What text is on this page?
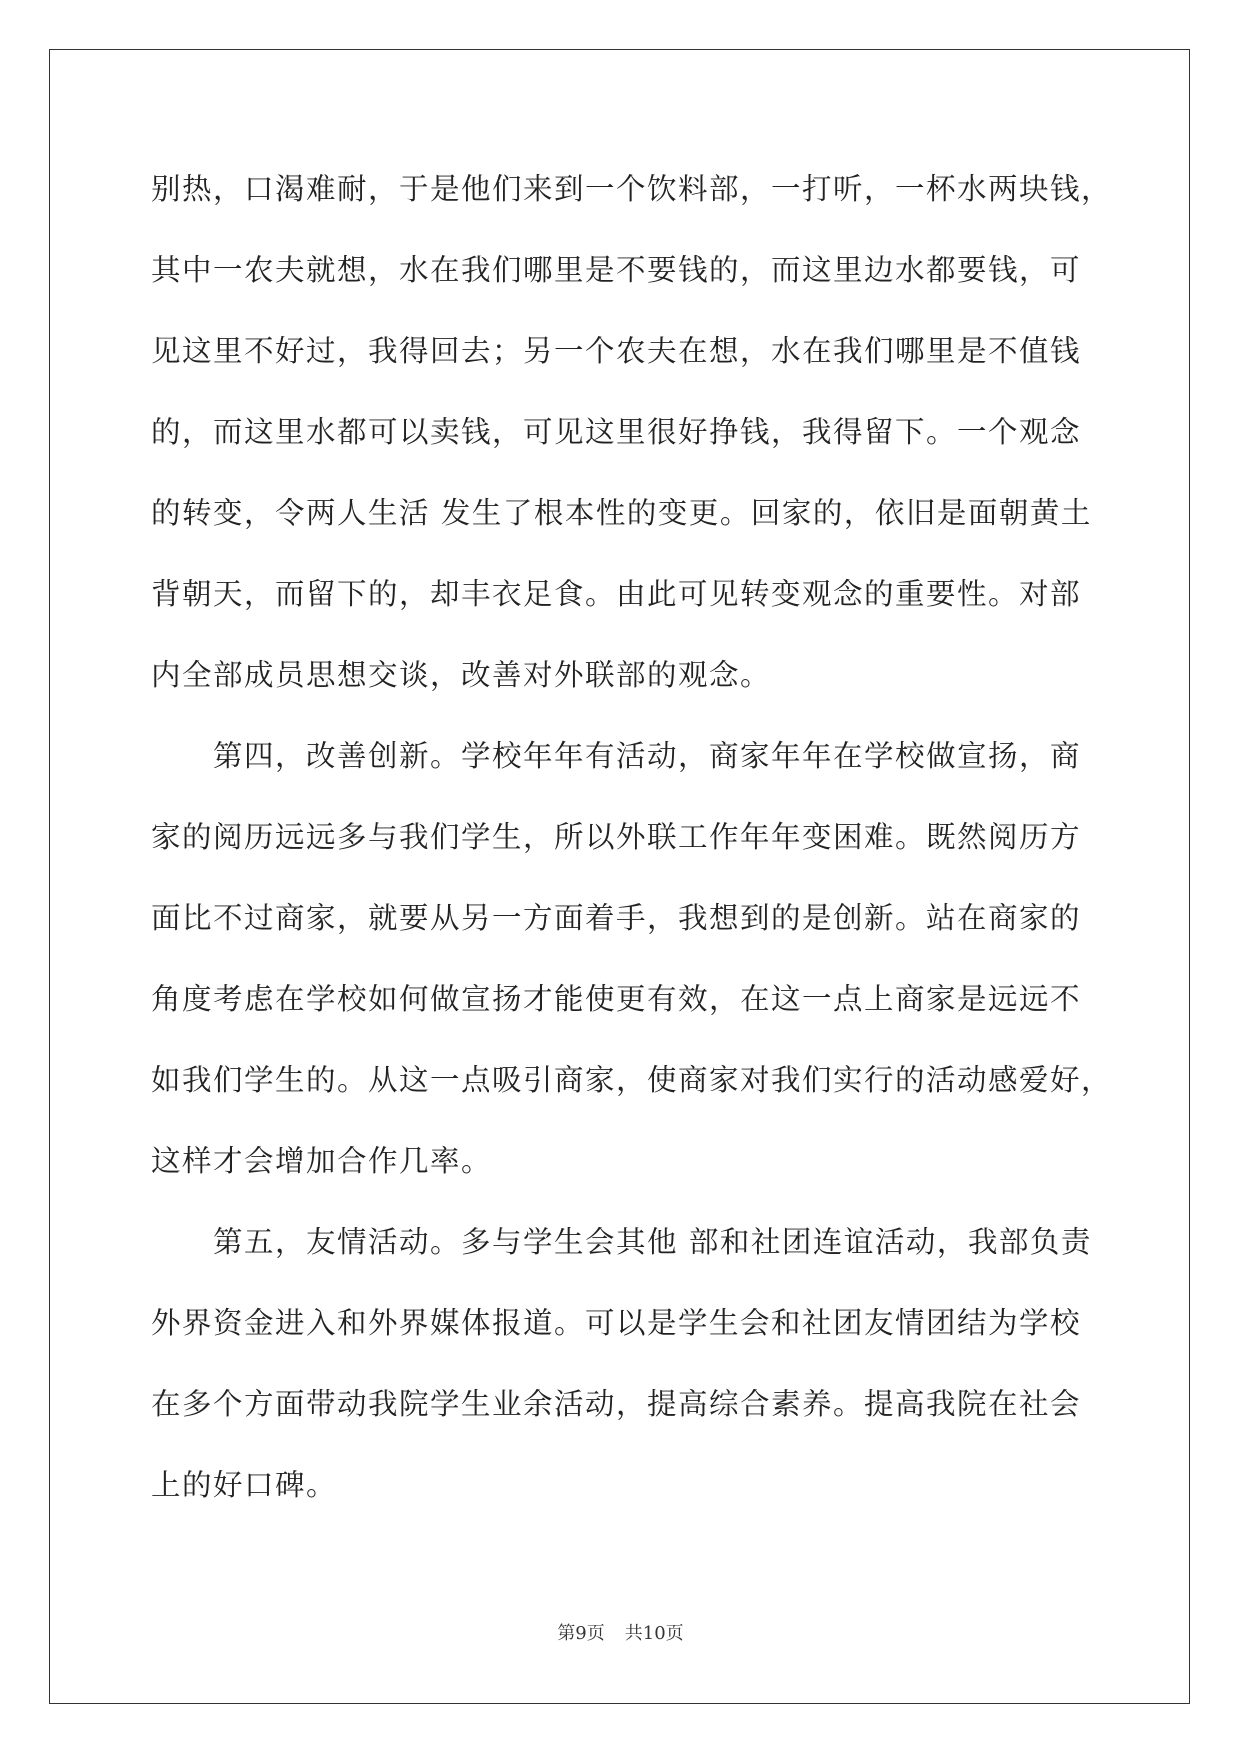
别热，口渴难耐，于是他们来到一个饮料部，一打听，一杯水两块钱，
其中一农夫就想，水在我们哪里是不要钱的，而这里边水都要钱，可
见这里不好过，我得回去；另一个农夫在想，水在我们哪里是不值钱
的，而这里水都可以卖钱，可见这里很好挣钱，我得留下。一个观念
的转变，令两人生活 发生了根本性的变更。回家的，依旧是面朝黄土
背朝天，而留下的，却丰衣足食。由此可见转变观念的重要性。对部
内全部成员思想交谈，改善对外联部的观念。
　　第四，改善创新。学校年年有活动，商家年年在学校做宣扬，商
家的阅历远远多与我们学生，所以外联工作年年变困难。既然阅历方
面比不过商家，就要从另一方面着手，我想到的是创新。站在商家的
角度考虑在学校如何做宣扬才能使更有效，在这一点上商家是远远不
如我们学生的。从这一点吸引商家，使商家对我们实行的活动感爱好，
这样才会增加合作几率。
　　第五，友情活动。多与学生会其他 部和社团连谊活动，我部负责
外界资金进入和外界媒体报道。可以是学生会和社团友情团结为学校
在多个方面带动我院学生业余活动，提高综合素养。提高我院在社会
上的好口碑。
第9页 共10页
